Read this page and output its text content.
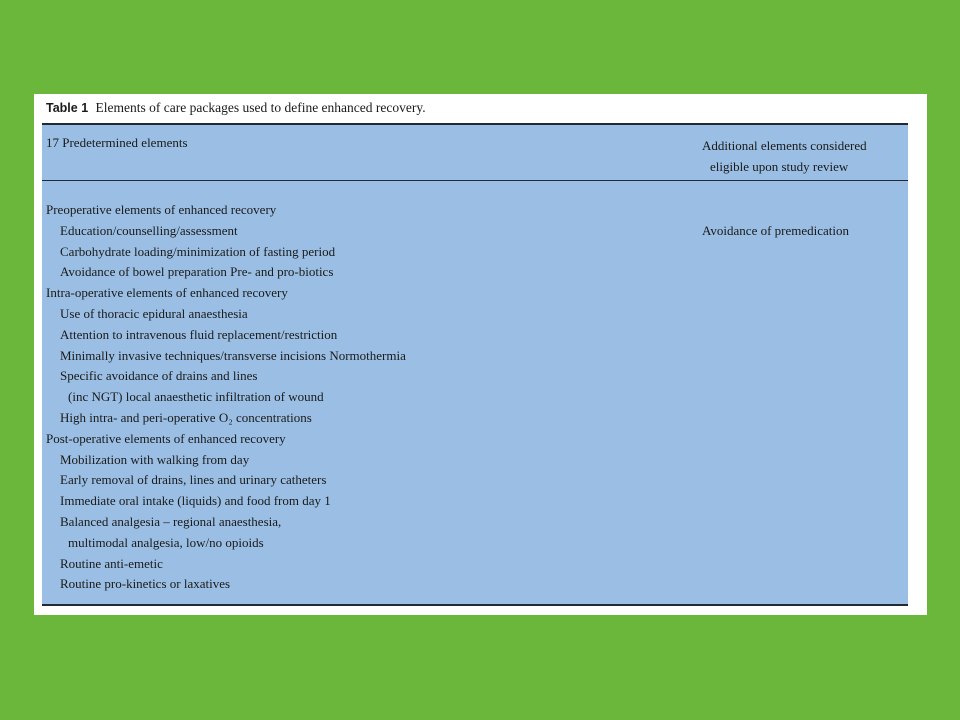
Table 1 Elements of care packages used to define enhanced recovery.
17 Predetermined elements	Additional elements considered
eligible upon study review
Preoperative elements of enhanced recovery
Education/counselling/assessment
Carbohydrate loading/minimization of fasting period
Avoidance of bowel preparation Pre- and pro-biotics
Intra-operative elements of enhanced recovery
Use of thoracic epidural anaesthesia
Attention to intravenous fluid replacement/restriction
Minimally invasive techniques/transverse incisions Normothermia
Specific avoidance of drains and lines
(inc NGT) local anaesthetic infiltration of wound
High intra- and peri-operative O₂ concentrations
Post-operative elements of enhanced recovery
Mobilization with walking from day
Early removal of drains, lines and urinary catheters
Immediate oral intake (liquids) and food from day 1
Balanced analgesia – regional anaesthesia,
multimodal analgesia, low/no opioids
Routine anti-emetic
Routine pro-kinetics or laxatives
Avoidance of premedication
